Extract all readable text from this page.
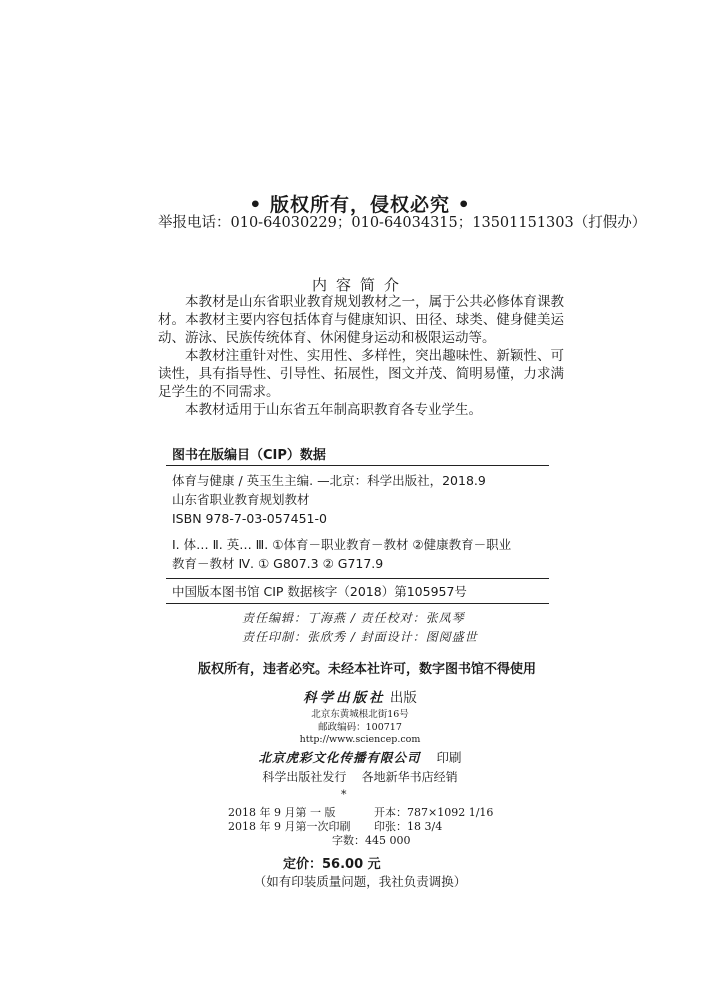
• 版权所有，侵权必究 •
举报电话：010-64030229；010-64034315；13501151303（打假办）
内容简介

本教材是山东省职业教育规划教材之一，属于公共必修体育课教材。本教材主要内容包括体育与健康知识、田径、球类、健身健美运动、游泳、民族传统体育、休闲健身运动和极限运动等。

本教材注重针对性、实用性、多样性，突出趣味性、新颖性、可读性，具有指导性、引导性、拓展性，图文并茂、简明易懂，力求满足学生的不同需求。

本教材适用于山东省五年制高职教育各专业学生。

图书在版编目（CIP）数据
体育与健康 / 英玉生主编. —北京：科学出版社，2018.9
山东省职业教育规划教材
ISBN 978-7-03-057451-0
Ⅰ. 体… Ⅱ. 英… Ⅲ. ①体育－职业教育－教材 ②健康教育－职业
教育－教材 Ⅳ. ① G807.3 ② G717.9
中国版本图书馆 CIP 数据核字（2018）第105957号
责任编辑：丁海燕 / 责任校对：张凤琴
责任印制：张欣秀 / 封面设计：图阅盛世
版权所有，违者必究。未经本社许可，数字图书馆不得使用
科学出版社 出版
北京东黄城根北街16号
邮政编码：100717
http://www.sciencep.com
北京虎彩文化传播有限公司 印刷
科学出版社发行    各地新华书店经销
*
2018 年 9 月第 一 版	开本：787×1092 1/16
2018 年 9 月第一次印刷 印张：18 3/4
字数：445 000
定价：56.00 元
（如有印装质量问题，我社负责调换）
